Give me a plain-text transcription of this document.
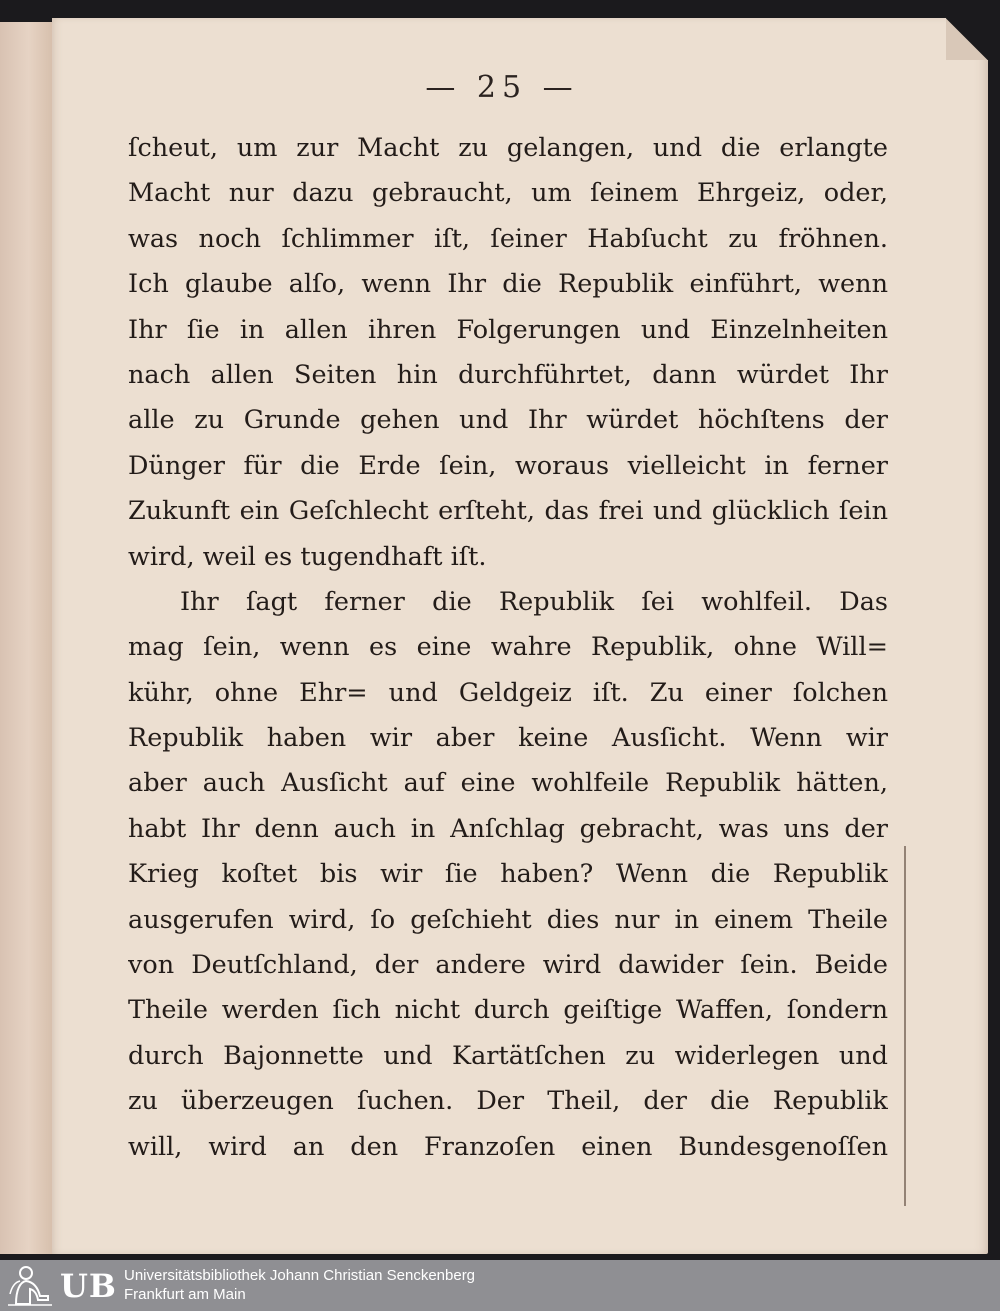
— 25 —
ſcheut, um zur Macht zu gelangen, und die erlangte
Macht nur dazu gebraucht, um ſeinem Ehrgeiz, oder,
was noch ſchlimmer iſt, ſeiner Habſucht zu fröhnen.
Ich glaube alſo, wenn Ihr die Republik einführt, wenn
Ihr ſie in allen ihren Folgerungen und Einzelnheiten
nach allen Seiten hin durchführtet, dann würdet Ihr
alle zu Grunde gehen und Ihr würdet höchſtens der
Dünger für die Erde ſein, woraus vielleicht in ferner
Zukunft ein Geſchlecht erſteht, das frei und glücklich ſein
wird, weil es tugendhaft iſt.
Ihr ſagt ferner die Republik ſei wohlfeil. Das
mag ſein, wenn es eine wahre Republik, ohne Will=
kühr, ohne Ehr= und Geldgeiz iſt. Zu einer ſolchen
Republik haben wir aber keine Ausſicht. Wenn wir
aber auch Ausſicht auf eine wohlfeile Republik hätten,
habt Ihr denn auch in Anſchlag gebracht, was uns der
Krieg koſtet bis wir ſie haben? Wenn die Republik
ausgerufen wird, ſo geſchieht dies nur in einem Theile
von Deutſchland, der andere wird dawider ſein. Beide
Theile werden ſich nicht durch geiſtige Waffen, ſondern
durch Bajonnette und Kartätſchen zu widerlegen und
zu überzeugen ſuchen. Der Theil, der die Republik
will, wird an den Franzoſen einen Bundesgenoſſen
UB Universitätsbibliothek Johann Christian Senckenberg
Frankfurt am Main
